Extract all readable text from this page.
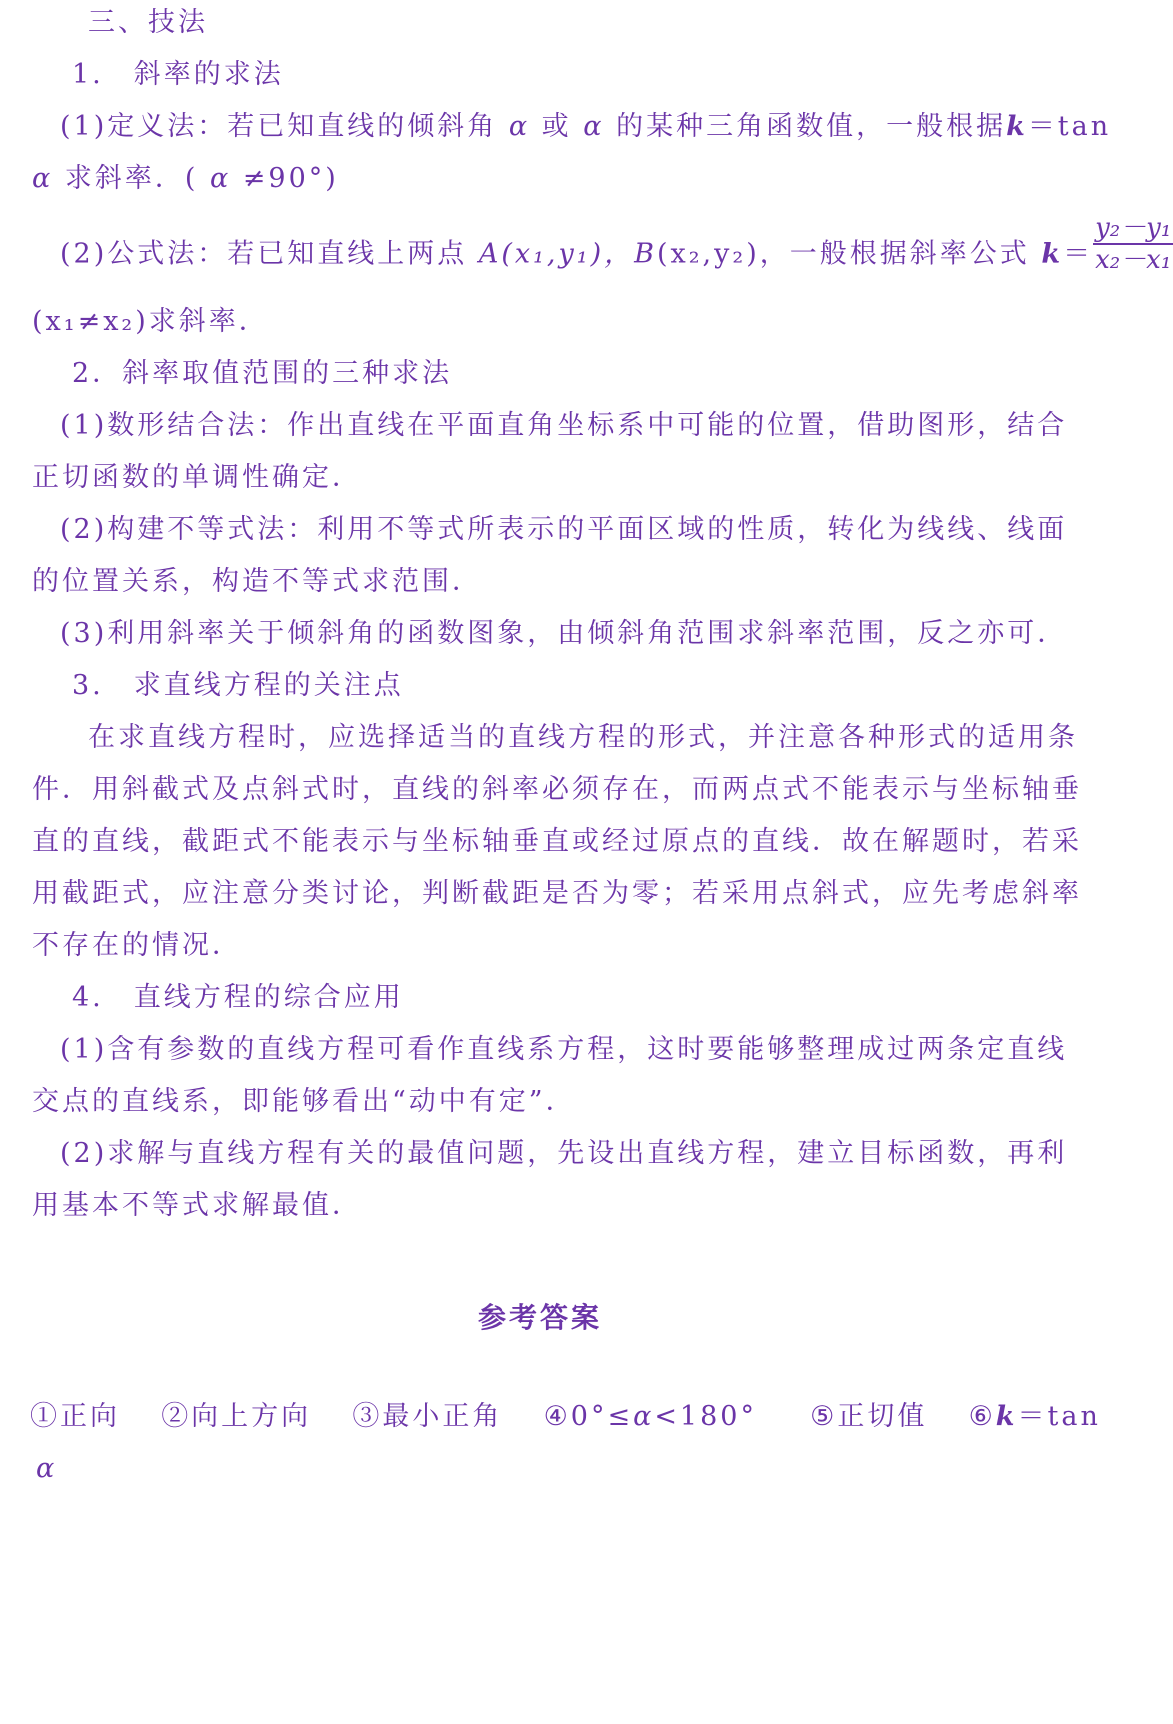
三、技法
1.　斜率的求法
(1)定义法：若已知直线的倾斜角 α 或 α 的某种三角函数值，一般根据k＝tan
α 求斜率．( α ≠90°)
(2)公式法：若已知直线上两点 A(x₁,y₁)，B(x₂,y₂)，一般根据斜率公式 $k= \frac{\text{y₂－y₁}}{\text{x₂－x₁}}$
(x₁≠x₂)求斜率．
2．斜率取值范围的三种求法
(1)数形结合法：作出直线在平面直角坐标系中可能的位置，借助图形，结合
正切函数的单调性确定．
(2)构建不等式法：利用不等式所表示的平面区域的性质，转化为线线、线面
的位置关系，构造不等式求范围．
(3)利用斜率关于倾斜角的函数图象，由倾斜角范围求斜率范围，反之亦可．
3.　求直线方程的关注点
在求直线方程时，应选择适当的直线方程的形式，并注意各种形式的适用条
件．用斜截式及点斜式时，直线的斜率必须存在，而两点式不能表示与坐标轴垂
直的直线，截距式不能表示与坐标轴垂直或经过原点的直线．故在解题时，若采
用截距式，应注意分类讨论，判断截距是否为零；若采用点斜式，应先考虑斜率
不存在的情况．
4.　直线方程的综合应用
(1)含有参数的直线方程可看作直线系方程，这时要能够整理成过两条定直线
交点的直线系，即能够看出“动中有定”．
(2)求解与直线方程有关的最值问题，先设出直线方程，建立目标函数，再利
用基本不等式求解最值．
参考答案
①正向 ②向上方向 ③最小正角 ④0°≤α<180° ⑤正切值 ⑥k＝tan
α
